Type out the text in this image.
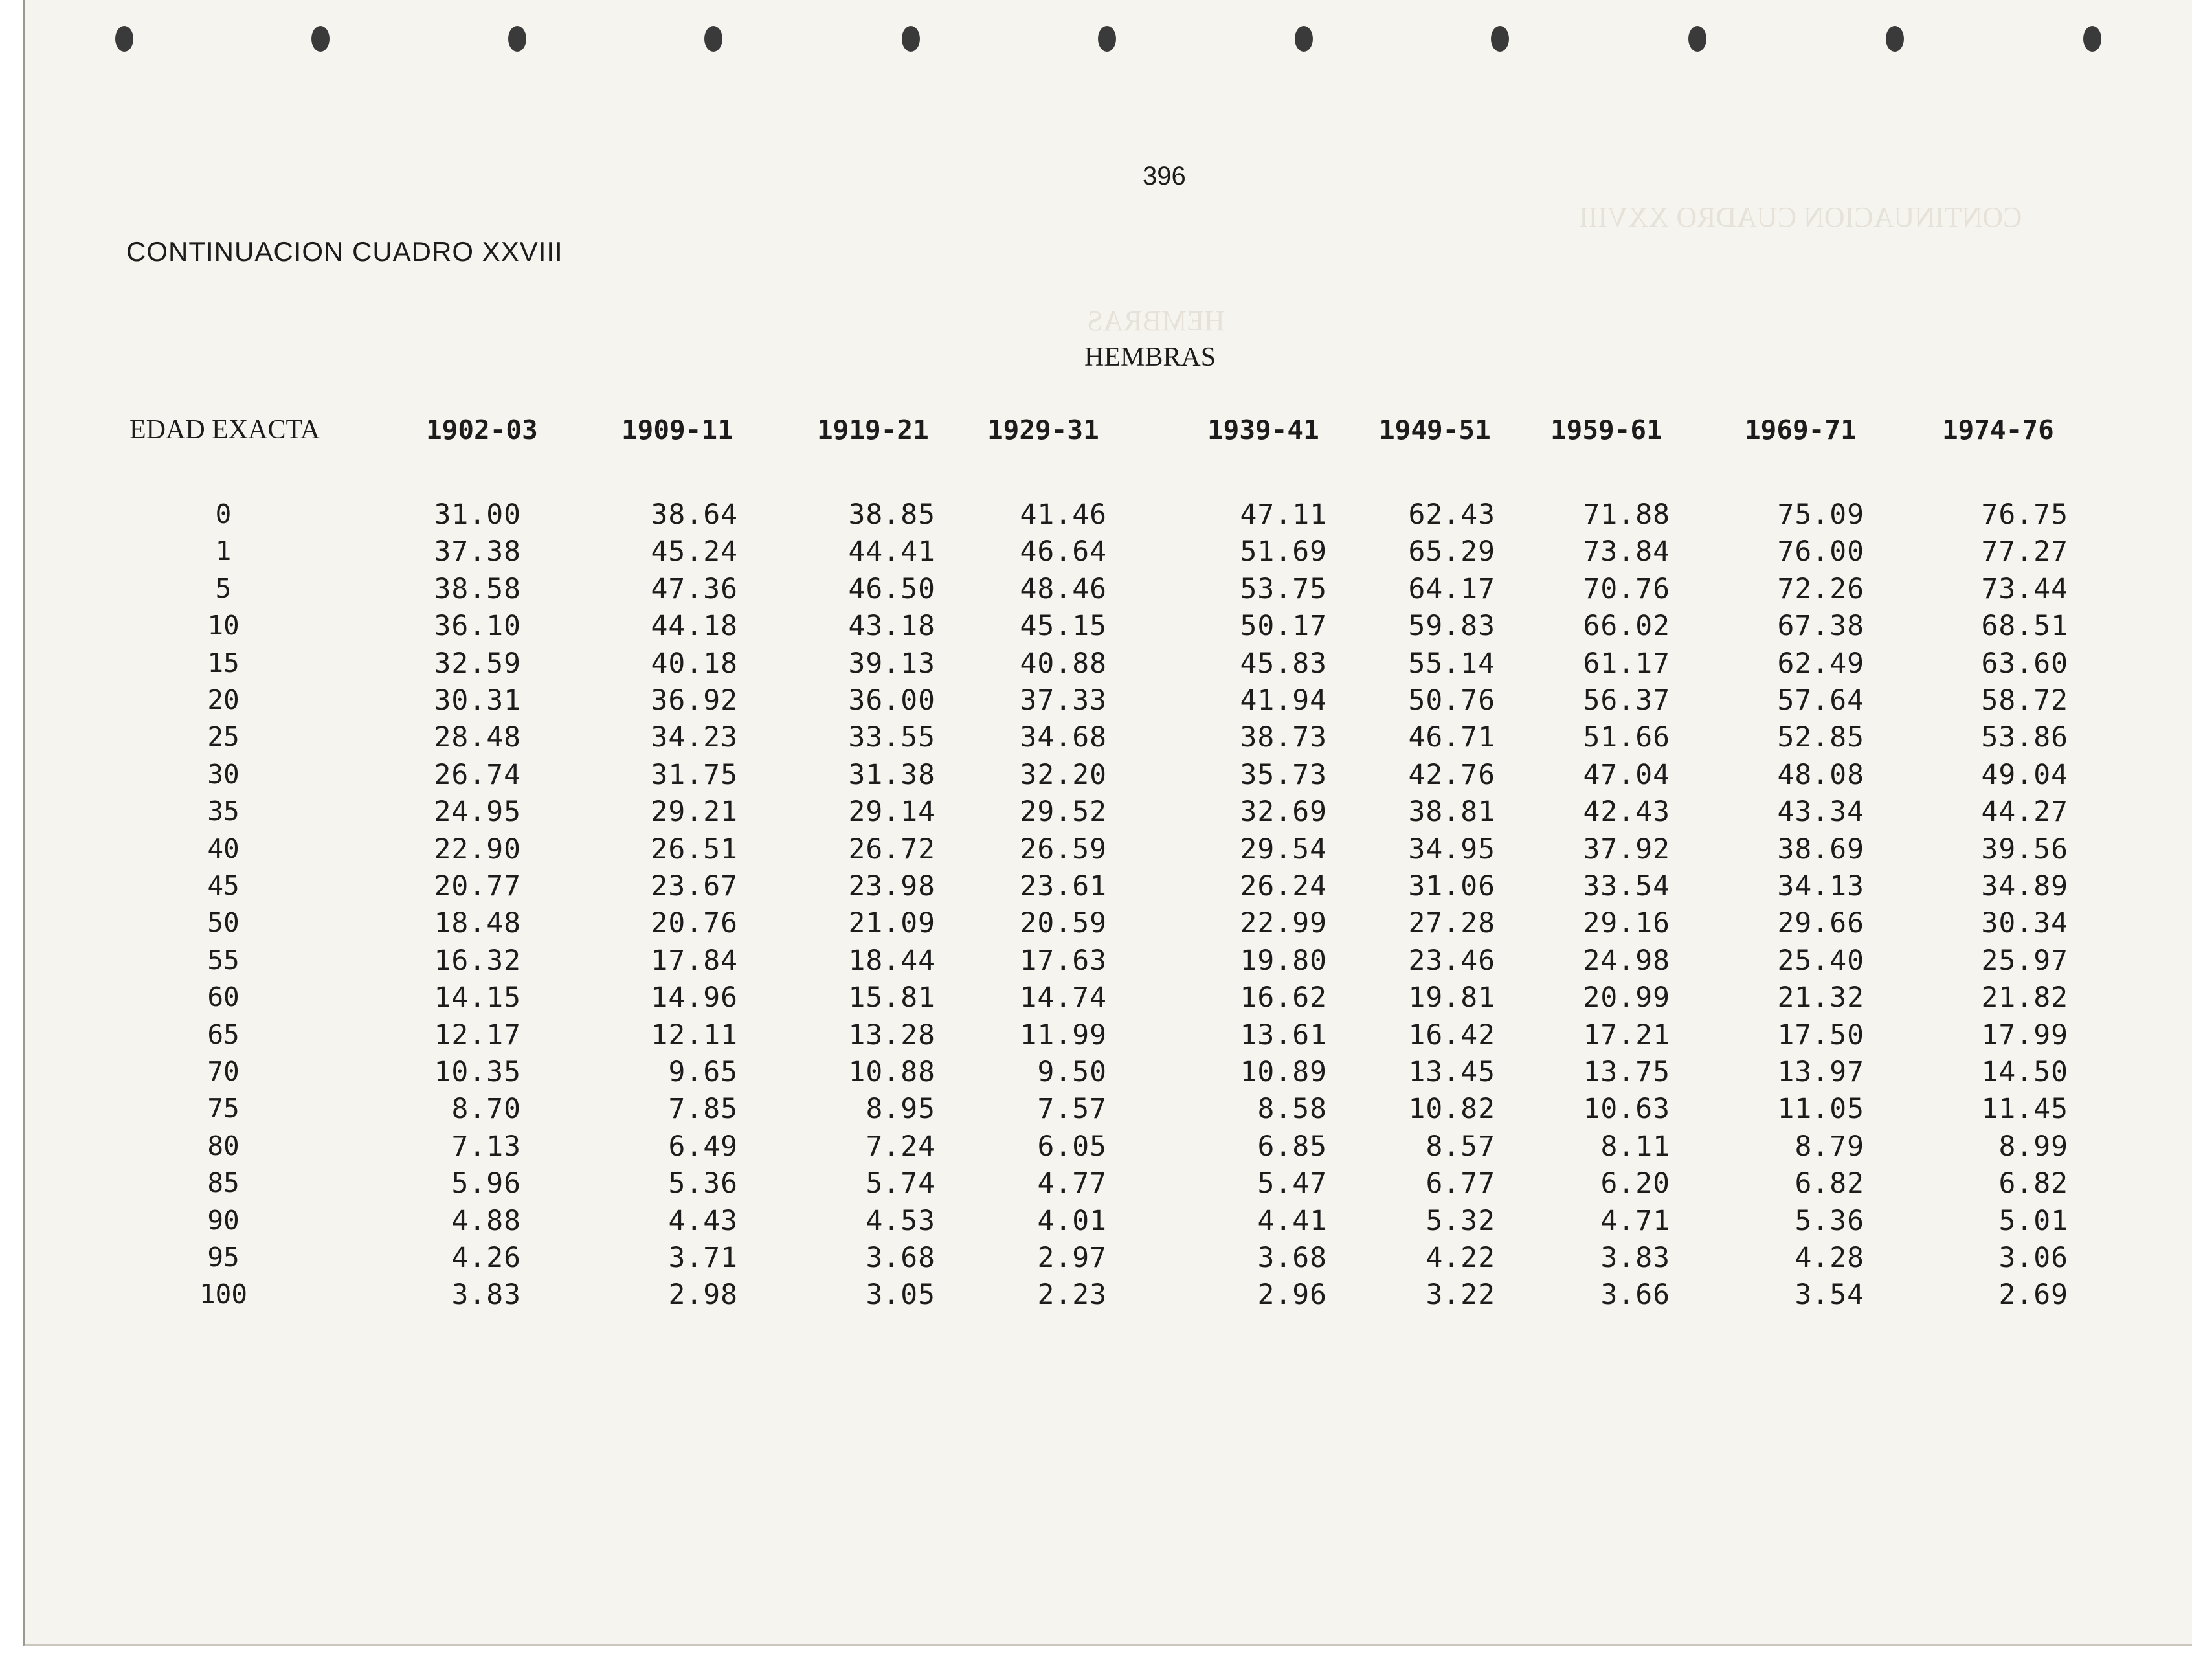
CONTINUACION CUADRO XXVIII
HEMBRAS
396
CONTINUACION CUADRO XXVIII
HEMBRAS
EDAD EXACTA	1902-03	1909-11	1919-21 1929-31	1939-41 1949-51 1959-61	1969-71	1974-76
0	31.00	38.64	38.85	41.46	47.11	62.43	71.88	75.09	76.75
1	37.38	45.24	44.41	46.64	51.69	65.29	73.84	76.00	77.27
5	38.58	47.36	46.50	48.46	53.75	64.17	70.76	72.26	73.44
10	36.10	44.18	43.18	45.15	50.17	59.83	66.02	67.38	68.51
15	32.59	40.18	39.13	40.88	45.83	55.14	61.17	62.49	63.60
20	30.31	36.92	36.00	37.33	41.94	50.76	56.37	57.64	58.72
25	28.48	34.23	33.55	34.68	38.73	46.71	51.66	52.85	53.86
30	26.74	31.75	31.38	32.20	35.73	42.76	47.04	48.08	49.04
35	24.95	29.21	29.14	29.52	32.69	38.81	42.43	43.34	44.27
40	22.90	26.51	26.72	26.59	29.54	34.95	37.92	38.69	39.56
45	20.77	23.67	23.98	23.61	26.24	31.06	33.54	34.13	34.89
50	18.48	20.76	21.09	20.59	22.99	27.28	29.16	29.66	30.34
55	16.32	17.84	18.44	17.63	19.80	23.46	24.98	25.40	25.97
60	14.15	14.96	15.81	14.74	16.62	19.81	20.99	21.32	21.82
65	12.17	12.11	13.28	11.99	13.61	16.42	17.21	17.50	17.99
70	10.35	9.65	10.88	9.50	10.89	13.45	13.75	13.97	14.50
75	8.70	7.85	8.95	7.57	8.58	10.82	10.63	11.05	11.45
80	7.13	6.49	7.24	6.05	6.85	8.57	8.11	8.79	8.99
85	5.96	5.36	5.74	4.77	5.47	6.77	6.20	6.82	6.82
90	4.88	4.43	4.53	4.01	4.41	5.32	4.71	5.36	5.01
95	4.26	3.71	3.68	2.97	3.68	4.22	3.83	4.28	3.06
100	3.83	2.98	3.05	2.23	2.96	3.22	3.66	3.54	2.69
